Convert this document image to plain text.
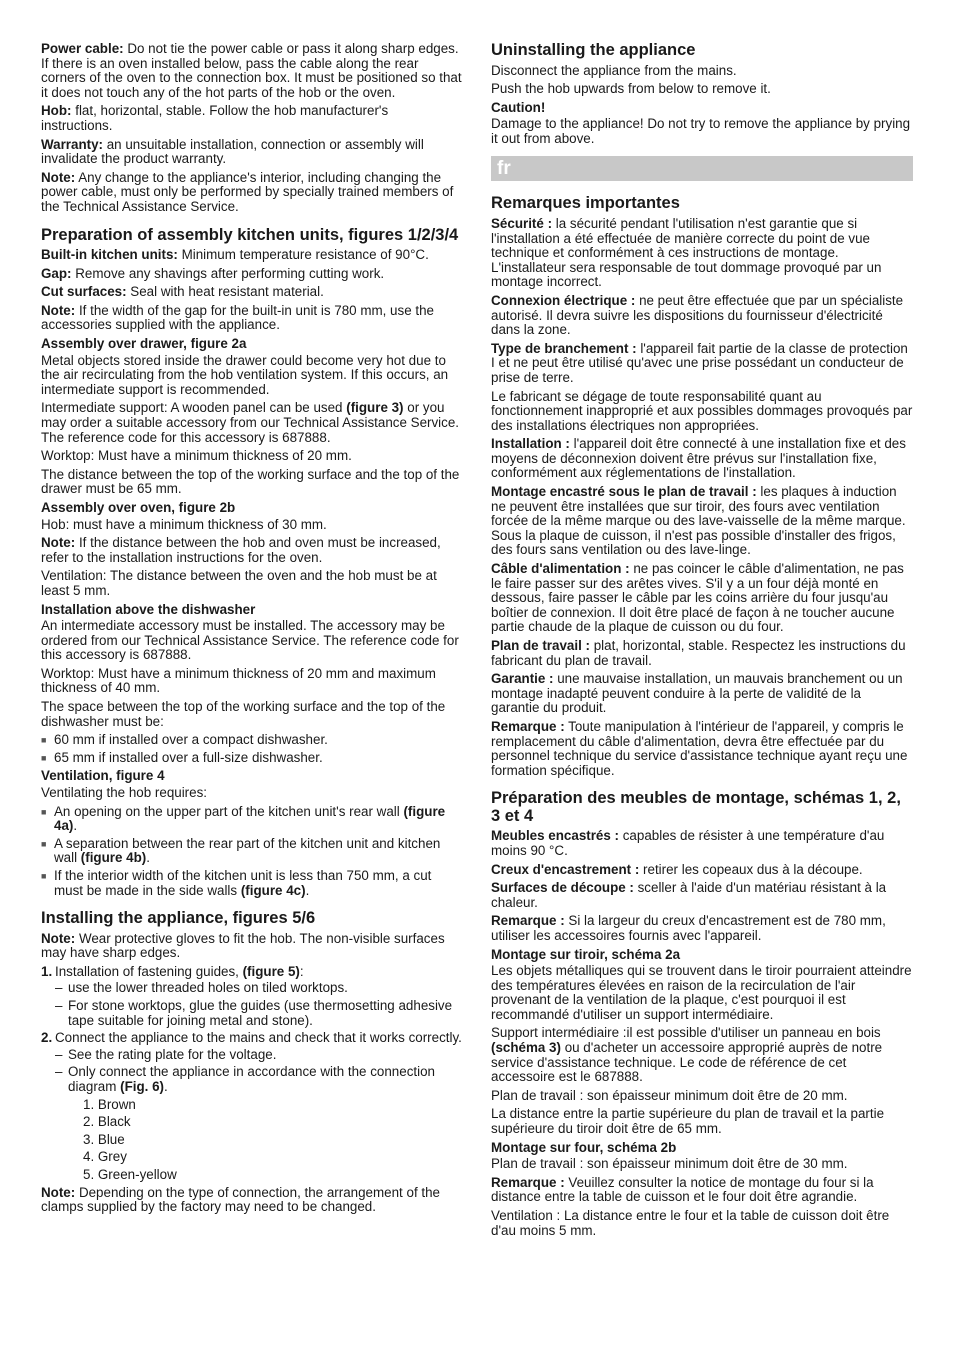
Power cable: Do not tie the power cable or pass it along sharp edges. If there is an oven installed below, pass the cable along the rear corners of the oven to the connection box. It must be positioned so that it does not touch any of the hot parts of the hob or the oven.

Hob: flat, horizontal, stable. Follow the hob manufacturer's instructions.

Warranty: an unsuitable installation, connection or assembly will invalidate the product warranty.

Note: Any change to the appliance's interior, including changing the power cable, must only be performed by specially trained members of the Technical Assistance Service.

Preparation of assembly kitchen units, figures 1/2/3/4

Built-in kitchen units: Minimum temperature resistance of 90°C.

Gap: Remove any shavings after performing cutting work.

Cut surfaces: Seal with heat resistant material.

Note: If the width of the gap for the built-in unit is 780 mm, use the accessories supplied with the appliance.

Assembly over drawer, figure 2a

Metal objects stored inside the drawer could become very hot due to the air recirculating from the hob ventilation system. If this occurs, an intermediate support is recommended.

Intermediate support: A wooden panel can be used (figure 3) or you may order a suitable accessory from our Technical Assistance Service. The reference code for this accessory is 687888.

Worktop: Must have a minimum thickness of 20 mm.

The distance between the top of the working surface and the top of the drawer must be 65 mm.

Assembly over oven, figure 2b

Hob: must have a minimum thickness of 30 mm.

Note: If the distance between the hob and oven must be increased, refer to the installation instructions for the oven.

Ventilation: The distance between the oven and the hob must be at least 5 mm.

Installation above the dishwasher

An intermediate accessory must be installed. The accessory may be ordered from our Technical Assistance Service. The reference code for this accessory is 687888.

Worktop: Must have a minimum thickness of 20 mm and maximum thickness of 40 mm.

The space between the top of the working surface and the top of the dishwasher must be:

■ 60 mm if installed over a compact dishwasher.
■ 65 mm if installed over a full-size dishwasher.
Ventilation, figure 4

Ventilating the hob requires:

■ An opening on the upper part of the kitchen unit's rear wall (figure 4a).
■ A separation between the rear part of the kitchen unit and kitchen wall (figure 4b).
■ If the interior width of the kitchen unit is less than 750 mm, a cut must be made in the side walls (figure 4c).
Installing the appliance, figures 5/6

Note: Wear protective gloves to fit the hob. The non-visible surfaces may have sharp edges.

1. Installation of fastening guides, (figure 5):
– use the lower threaded holes on tiled worktops.
– For stone worktops, glue the guides (use thermosetting adhesive tape suitable for joining metal and stone).
2. Connect the appliance to the mains and check that it works correctly.
– See the rating plate for the voltage.
– Only connect the appliance in accordance with the connection diagram (Fig. 6).
1. Brown
2. Black
3. Blue
4. Grey
5. Green-yellow

Note: Depending on the type of connection, the arrangement of the clamps supplied by the factory may need to be changed.

Uninstalling the appliance

Disconnect the appliance from the mains.

Push the hob upwards from below to remove it.

Caution!

Damage to the appliance! Do not try to remove the appliance by prying it out from above.

fr
Remarques importantes

Sécurité : la sécurité pendant l'utilisation n'est garantie que si l'installation a été effectuée de manière correcte du point de vue technique et conformément à ces instructions de montage. L'installateur sera responsable de tout dommage provoqué par un montage incorrect.

Connexion électrique : ne peut être effectuée que par un spécialiste autorisé. Il devra suivre les dispositions du fournisseur d'électricité dans la zone.

Type de branchement : l'appareil fait partie de la classe de protection I et ne peut être utilisé qu'avec une prise possédant un conducteur de prise de terre.

Le fabricant se dégage de toute responsabilité quant au fonctionnement inapproprié et aux possibles dommages provoqués par des installations électriques non appropriées.

Installation : l'appareil doit être connecté à une installation fixe et des moyens de déconnexion doivent être prévus sur l'installation fixe, conformément aux réglementations de l'installation.

Montage encastré sous le plan de travail : les plaques à induction ne peuvent être installées que sur tiroir, des fours avec ventilation forcée de la même marque ou des lave-vaisselle de la même marque. Sous la plaque de cuisson, il n'est pas possible d'installer des frigos, des fours sans ventilation ou des lave-linge.

Câble d'alimentation : ne pas coincer le câble d'alimentation, ne pas le faire passer sur des arêtes vives. S'il y a un four déjà monté en dessous, faire passer le câble par les coins arrière du four jusqu'au boîtier de connexion. Il doit être placé de façon à ne toucher aucune partie chaude de la plaque de cuisson ou du four.

Plan de travail : plat, horizontal, stable. Respectez les instructions du fabricant du plan de travail.

Garantie : une mauvaise installation, un mauvais branchement ou un montage inadapté peuvent conduire à la perte de validité de la garantie du produit.

Remarque : Toute manipulation à l'intérieur de l'appareil, y compris le remplacement du câble d'alimentation, devra être effectuée par du personnel technique du service d'assistance technique ayant reçu une formation spécifique.

Préparation des meubles de montage, schémas 1, 2, 3 et 4

Meubles encastrés : capables de résister à une température d'au moins 90 °C.

Creux d'encastrement : retirer les copeaux dus à la découpe.

Surfaces de découpe : sceller à l'aide d'un matériau résistant à la chaleur.

Remarque : Si la largeur du creux d'encastrement est de 780 mm, utiliser les accessoires fournis avec l'appareil.

Montage sur tiroir, schéma 2a

Les objets métalliques qui se trouvent dans le tiroir pourraient atteindre des températures élevées en raison de la recirculation de l'air provenant de la ventilation de la plaque, c'est pourquoi il est recommandé d'utiliser un support intermédiaire.

Support intermédiaire :il est possible d'utiliser un panneau en bois (schéma 3) ou d'acheter un accessoire approprié auprès de notre service d'assistance technique. Le code de référence de cet accessoire est le 687888.

Plan de travail : son épaisseur minimum doit être de 20 mm.

La distance entre la partie supérieure du plan de travail et la partie supérieure du tiroir doit être de 65 mm.

Montage sur four, schéma 2b

Plan de travail : son épaisseur minimum doit être de 30 mm.

Remarque : Veuillez consulter la notice de montage du four si la distance entre la table de cuisson et le four doit être agrandie.

Ventilation : La distance entre le four et la table de cuisson doit être d'au moins 5 mm.
